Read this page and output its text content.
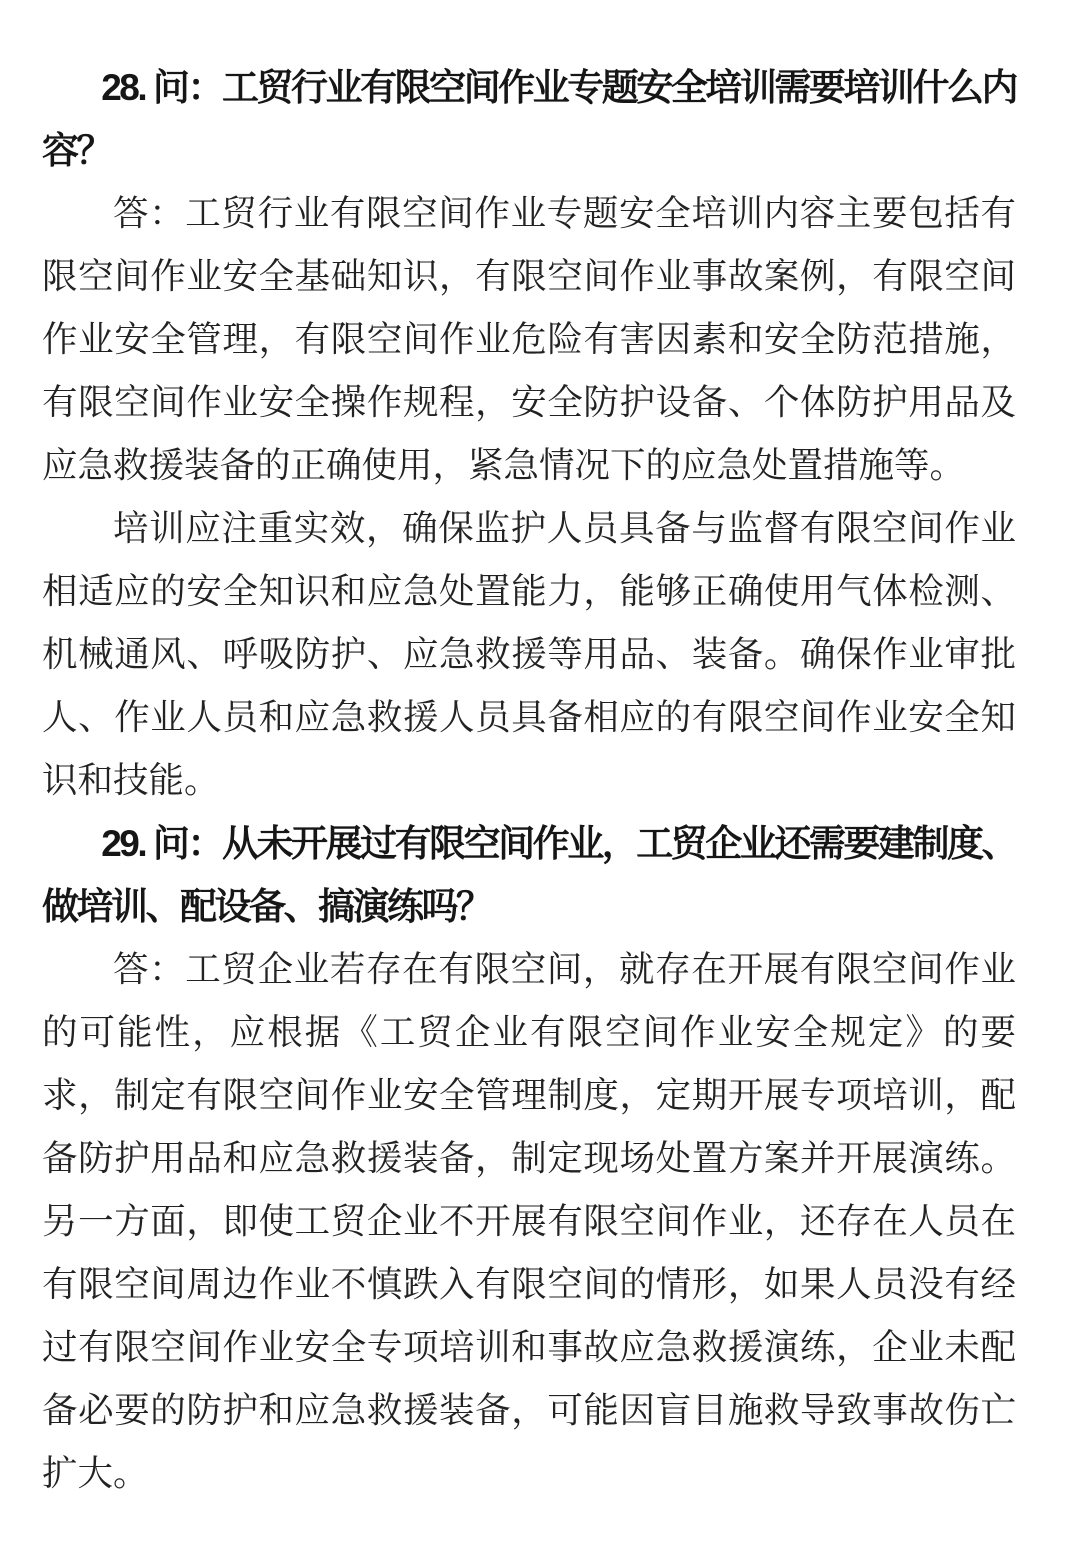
28. 问：工贸行业有限空间作业专题安全培训需要培训什么内容？

答：工贸行业有限空间作业专题安全培训内容主要包括有限空间作业安全基础知识，有限空间作业事故案例，有限空间作业安全管理，有限空间作业危险有害因素和安全防范措施，有限空间作业安全操作规程，安全防护设备、个体防护用品及应急救援装备的正确使用，紧急情况下的应急处置措施等。

培训应注重实效，确保监护人员具备与监督有限空间作业相适应的安全知识和应急处置能力，能够正确使用气体检测、机械通风、呼吸防护、应急救援等用品、装备。确保作业审批人、作业人员和应急救援人员具备相应的有限空间作业安全知识和技能。

29. 问：从未开展过有限空间作业，工贸企业还需要建制度、做培训、配设备、搞演练吗？

答：工贸企业若存在有限空间，就存在开展有限空间作业的可能性，应根据《工贸企业有限空间作业安全规定》的要求，制定有限空间作业安全管理制度，定期开展专项培训，配备防护用品和应急救援装备，制定现场处置方案并开展演练。另一方面，即使工贸企业不开展有限空间作业，还存在人员在有限空间周边作业不慎跌入有限空间的情形，如果人员没有经过有限空间作业安全专项培训和事故应急救援演练，企业未配备必要的防护和应急救援装备，可能因盲目施救导致事故伤亡扩大。
